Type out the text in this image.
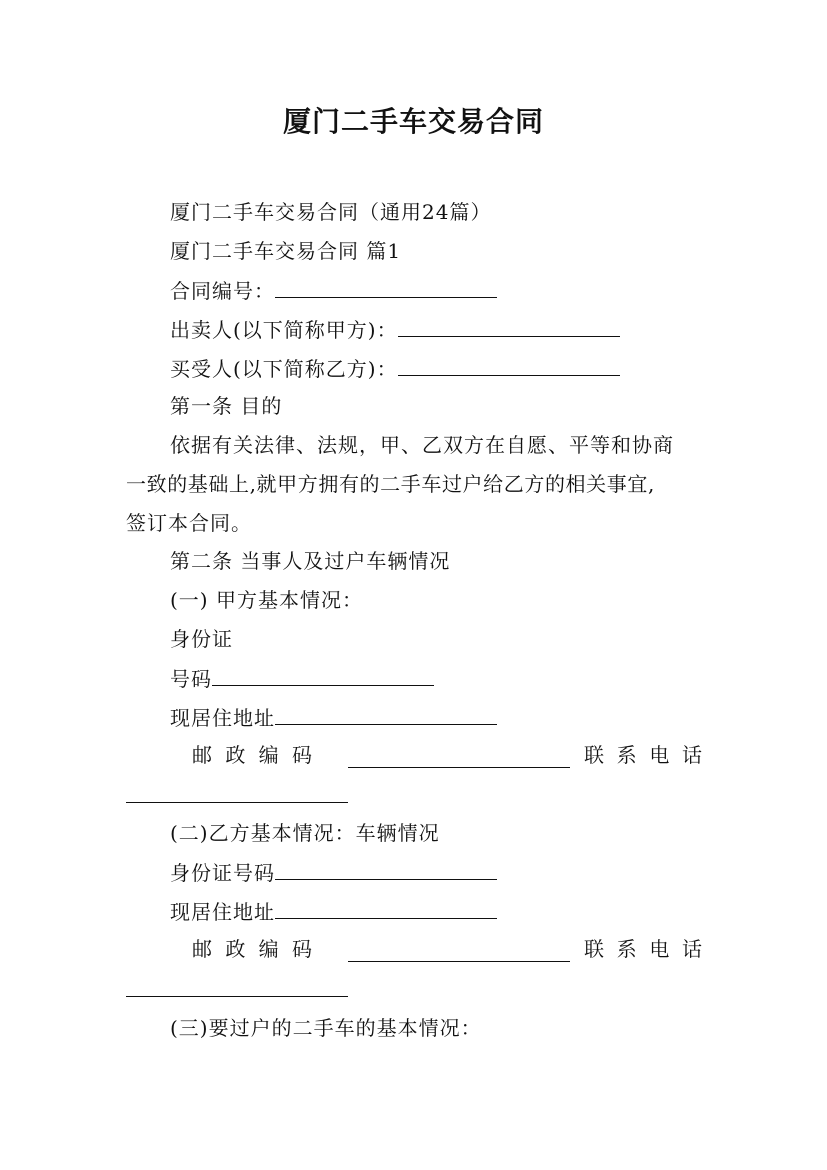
厦门二手车交易合同
厦门二手车交易合同（通用24篇）
厦门二手车交易合同 篇1
合同编号：
出卖人(以下简称甲方)：
买受人(以下简称乙方)：
第一条 目的
依据有关法律、法规，甲、乙双方在自愿、平等和协商
一致的基础上,就甲方拥有的二手车过户给乙方的相关事宜,
签订本合同。
第二条 当事人及过户车辆情况
(一) 甲方基本情况：
身份证
号码
现居住地址
邮 政 编 码	联 系 电 话
(二)乙方基本情况：车辆情况
身份证号码
现居住地址
邮 政 编 码	联 系 电 话
(三)要过户的二手车的基本情况：
